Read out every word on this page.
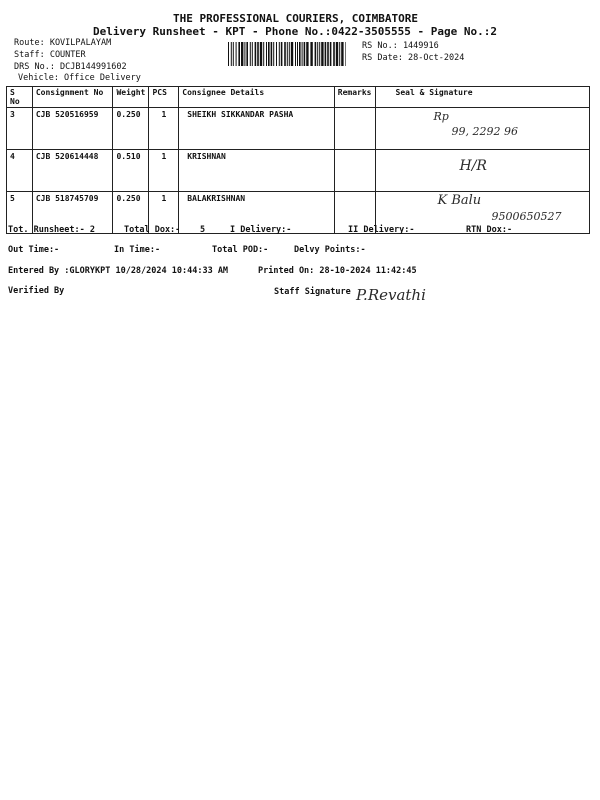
THE PROFESSIONAL COURIERS, COIMBATORE
Delivery Runsheet - KPT - Phone No.:0422-3505555 - Page No.:2
Route: KOVILPALAYAM
Staff: COUNTER
DRS No.: DCJB144991602
Vehicle: Office Delivery
RS No.: 1449916
RS Date: 28-Oct-2024
S No	Consignment No	Weight	PCS	Consignee Details	Remarks	Seal & Signature
3	CJB 520516959	0.250	1	SHEIKH SIKKANDAR PASHA		Rp
99, 2292 96

4	CJB 520614448	0.510	1	KRISHNAN		H/R

5	CJB 518745709	0.250	1	BALAKRISHNAN		K Balu
9500650527
Tot. Runsheet:- 2	Total Dox:- 5	I Delivery:-	II Delivery:-	RTN Dox:-
Out Time:-	In Time:-	Total POD:-	Delvy Points:-
Entered By :GLORYKPT 10/28/2024 10:44:33 AM	Printed On: 28-10-2024 11:42:45
Verified By	Staff Signature P.Revathi
